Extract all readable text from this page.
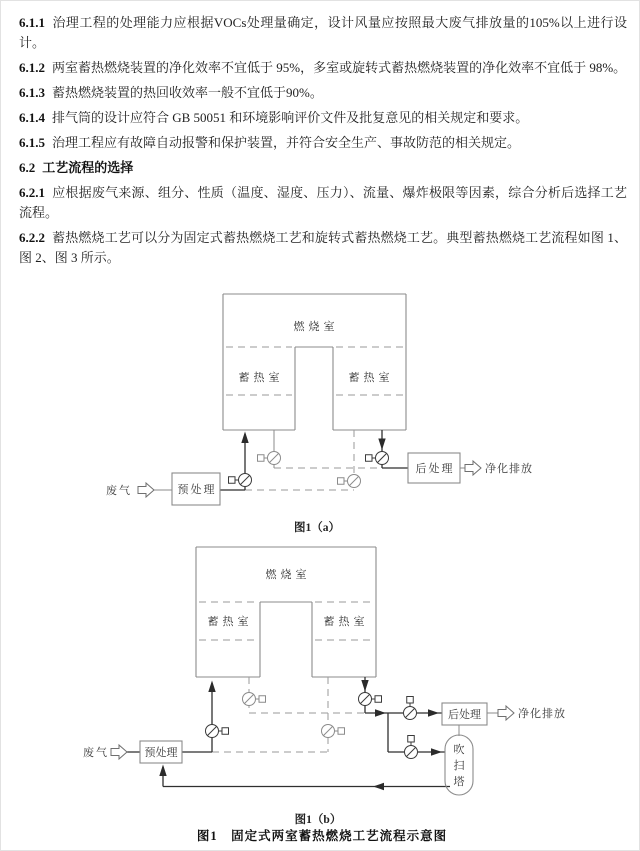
6.1.1 治理工程的处理能力应根据VOCs处理量确定，设计风量应按照最大废气排放量的105%以上进行设计。

6.1.2 两室蓄热燃烧装置的净化效率不宜低于 95%，多室或旋转式蓄热燃烧装置的净化效率不宜低于 98%。

6.1.3 蓄热燃烧装置的热回收效率一般不宜低于90%。

6.1.4 排气筒的设计应符合 GB 50051 和环境影响评价文件及批复意见的相关规定和要求。

6.1.5 治理工程应有故障自动报警和保护装置，并符合安全生产、事故防范的相关规定。

6.2 工艺流程的选择

6.2.1 应根据废气来源、组分、性质（温度、湿度、压力）、流量、爆炸极限等因素，综合分析后选择工艺流程。

6.2.2 蓄热燃烧工艺可以分为固定式蓄热燃烧工艺和旋转式蓄热燃烧工艺。典型蓄热燃烧工艺流程如图 1、图 2、图 3 所示。

燃烧室
蓄热室	蓄热室
预处理
后处理
废气
净化排放
图1（a）
燃烧室
蓄热室	蓄热室
预处理
后处理
吹
扫
塔
废气
净化排放
图1（b）
图1　固定式两室蓄热燃烧工艺流程示意图
